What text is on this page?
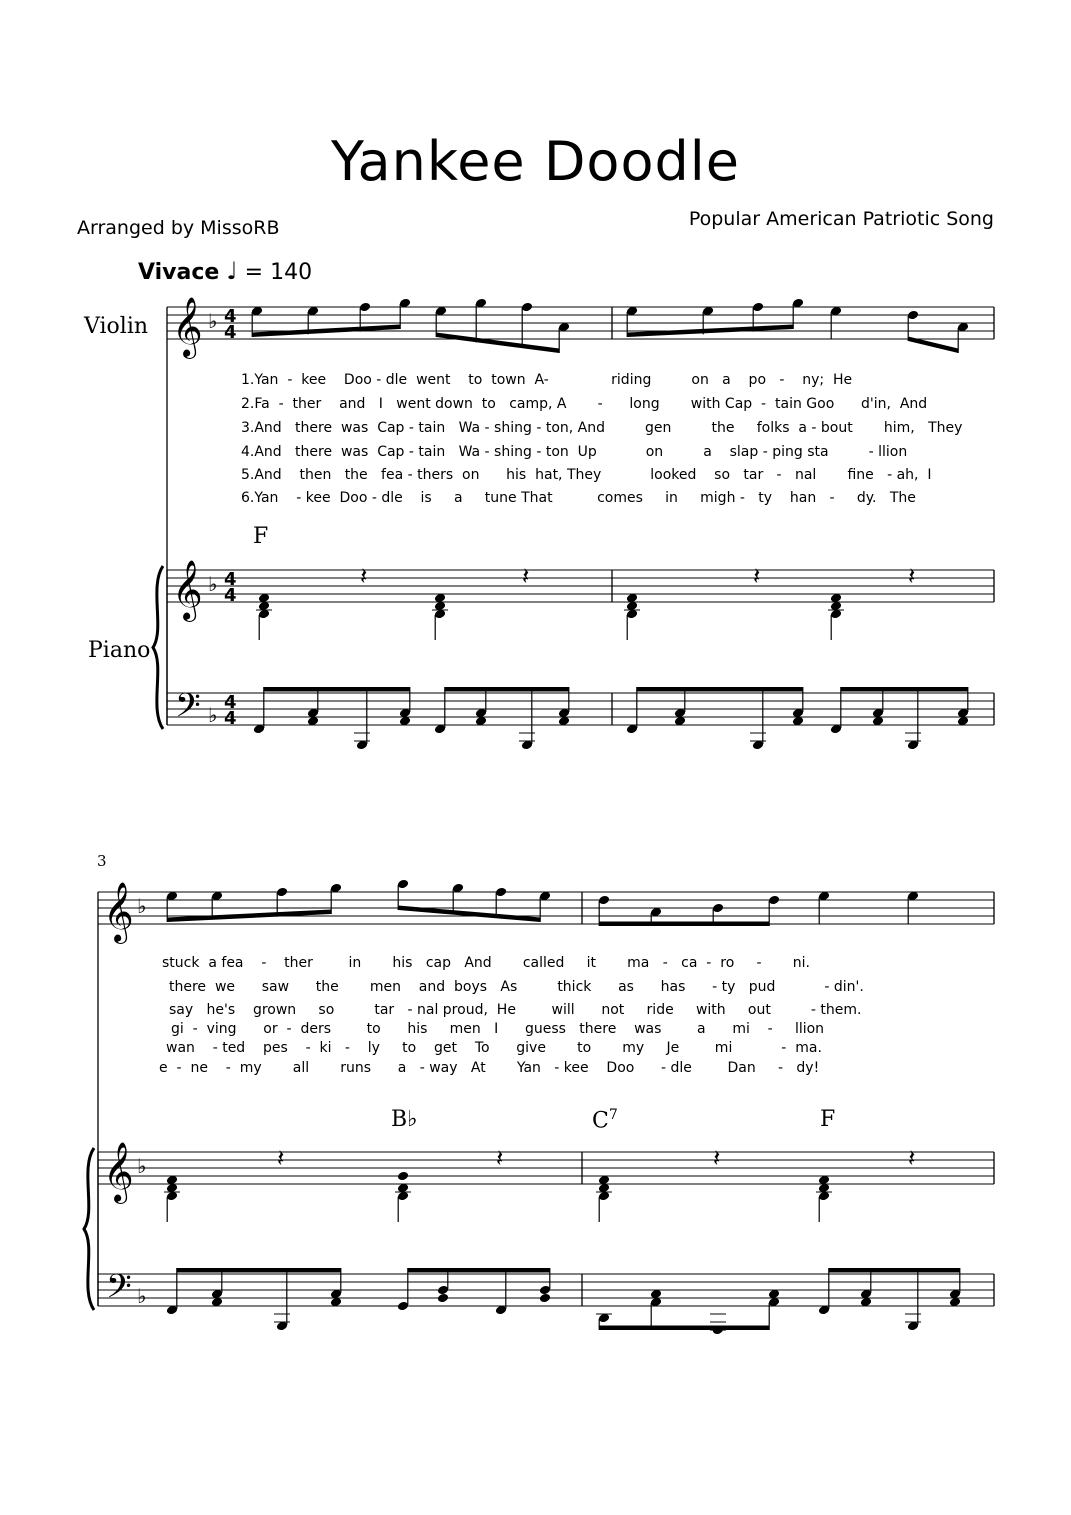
Yankee Doodle
Arranged by MissoRB	Popular American Patriotic Song
Vivace ♩ = 140
Violin
Piano
F
B♭	$C^7$	F
3
1.Yan  -  kee    Doo - dle  went    to  town  A-              riding         on   a    po   -    ny;  He
2.Fa  -  ther    and   I   went down  to   camp, A       -      long       with Cap  -  tain Goo      d'in,  And
3.And   there  was  Cap - tain   Wa - shing - ton, And         gen         the     folks  a - bout       him,   They
4.And   there  was  Cap - tain   Wa - shing - ton  Up           on         a    slap - ping sta         - llion
5.And    then   the   fea - thers  on      his  hat, They           looked    so   tar   -   nal       fine   - ah,  I
6.Yan    - kee  Doo - dle    is     a     tune That          comes     in     migh -   ty    han   -     dy.   The
stuck  a fea    -    ther        in       his   cap   And       called     it       ma   -   ca  -  ro     -       ni.
there  we      saw      the       men    and  boys   As         thick      as      has      - ty   pud           - din'.
say   he's    grown     so         tar   - nal proud,  He        will      not     ride     with     out         - them.
gi  -  ving      or  -  ders        to      his     men   I      guess   there    was        a      mi    -     llion
wan    - ted    pes    -  ki   -    ly     to    get    To      give       to       my     Je        mi           -  ma.
e  -  ne    -  my       all       runs      a   - way   At       Yan   - kee    Doo      - dle        Dan     -   dy!
𝄞 ♭ 4
4
𝄞 ♭ 4
4
𝄢 ♭
4
4
𝄞 ♭
𝄞 ♭
𝄢 ♭
𝄽	𝄽	𝄽	𝄽
𝄽	𝄽	𝄽	𝄽
